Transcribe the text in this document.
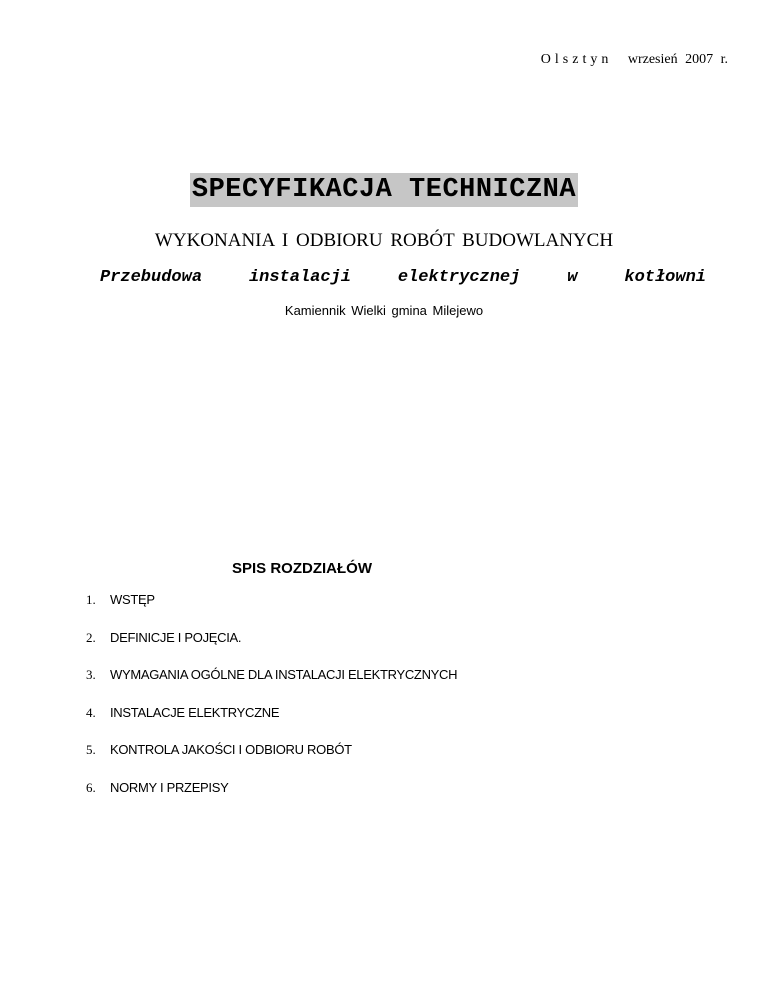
Olsztyn wrzesień 2007 r.
SPECYFIKACJA TECHNICZNA
WYKONANIA I ODBIORU ROBÓT BUDOWLANYCH
Przebudowa	instalacji	elektrycznej	w	kotłowni
Kamiennik Wielki gmina Milejewo
SPIS ROZDZIAŁÓW
1.	WSTĘP
2.	DEFINICJE I POJĘCIA.
3.	WYMAGANIA OGÓLNE DLA INSTALACJI ELEKTRYCZNYCH
4.	INSTALACJE ELEKTRYCZNE
5.	KONTROLA JAKOŚCI I ODBIORU ROBÓT
6.	NORMY I PRZEPISY
